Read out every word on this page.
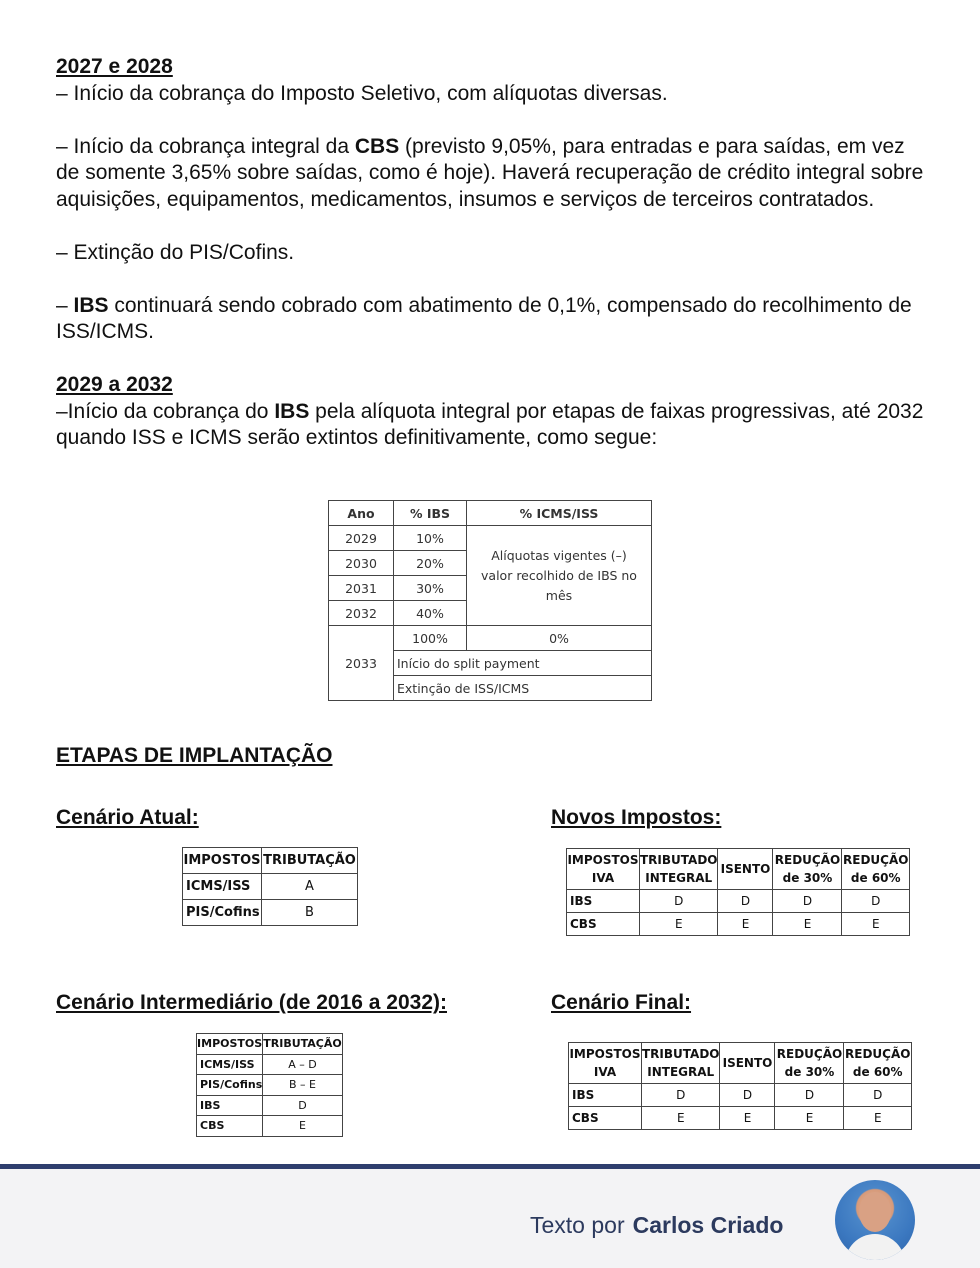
2027 e 2028

– Início da cobrança do Imposto Seletivo, com alíquotas diversas.

– Início da cobrança integral da CBS (previsto 9,05%, para entradas e para saídas, em vez de somente 3,65% sobre saídas, como é hoje). Haverá recuperação de crédito integral sobre aquisições, equipamentos, medicamentos, insumos e serviços de terceiros contratados.

– Extinção do PIS/Cofins.

– IBS continuará sendo cobrado com abatimento de 0,1%, compensado do recolhimento de ISS/ICMS.

2029 a 2032

–Início da cobrança do IBS pela alíquota integral por etapas de faixas progressivas, até 2032 quando ISS e ICMS serão extintos definitivamente, como segue:

Ano	% IBS	% ICMS/ISS
2029	10%	Alíquotas vigentes (–) valor recolhido de IBS no mês
2030	20%	
2031	30%	
2032	40%	
2033	100%	0%
	Início do split payment	
	Extinção de ISS/ICMS	
ETAPAS DE IMPLANTAÇÃO
Cenário Atual:	Novos Impostos:
Cenário Intermediário (de 2016 a 2032):	Cenário Final:
IMPOSTOS	TRIBUTAÇÃO
ICMS/ISS	A
PIS/Cofins	B
IMPOSTOS	TRIBUTAÇÃO
ICMS/ISS	A – D
PIS/Cofins	B – E
IBS	D
CBS	E
IMPOSTOS IVA	TRIBUTADO INTEGRAL	ISENTO	REDUÇÃO de 30%	REDUÇÃO de 60%
IBS	D	D	D	D
CBS	E	E	E	E
IMPOSTOS IVA	TRIBUTADO INTEGRAL	ISENTO	REDUÇÃO de 30%	REDUÇÃO de 60%
IBS	D	D	D	D
CBS	E	E	E	E
Texto por Carlos Criado
